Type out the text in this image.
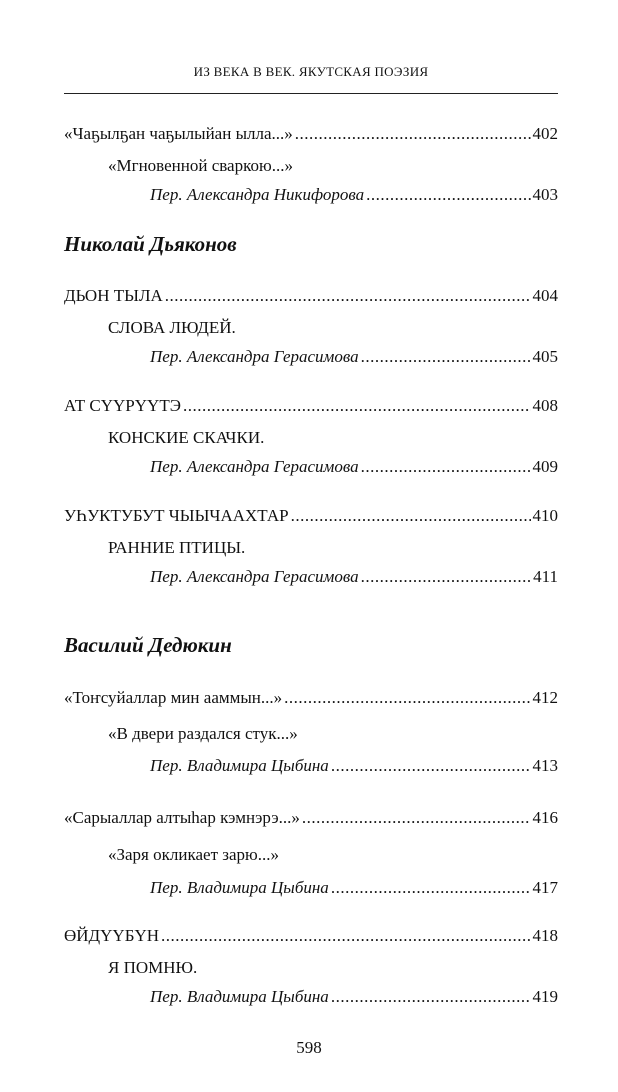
ИЗ ВЕКА В ВЕК. ЯКУТСКАЯ ПОЭЗИЯ
«Чаҕылҕан чаҕылыйан ылла...» .....	402
«Мгновенной сваркою...»
Пер. Александра Никифорова .....	403
Николай Дьяконов
ДЬОН ТЫЛА .....	404
СЛОВА ЛЮДЕЙ.
Пер. Александра Герасимова .....	405
АТ СҮҮРҮҮТЭ .....	408
КОНСКИЕ СКАЧКИ.
Пер. Александра Герасимова .....	409
УҺУКТУБУТ ЧЫЫЧААХТАР .....	410
РАННИЕ ПТИЦЫ.
Пер. Александра Герасимова .....	411
Василий Дедюкин
«Тоҥсуйаллар мин ааммын...» .....	412
«В двери раздался стук...»
Пер. Владимира Цыбина .....	413
«Сарыаллар алтыһар кэмнэрэ...» .....	416
«Заря окликает зарю...»
Пер. Владимира Цыбина .....	417
ӨЙДҮҮБҮН .....	418
Я ПОМНЮ.
Пер. Владимира Цыбина .....	419
598
